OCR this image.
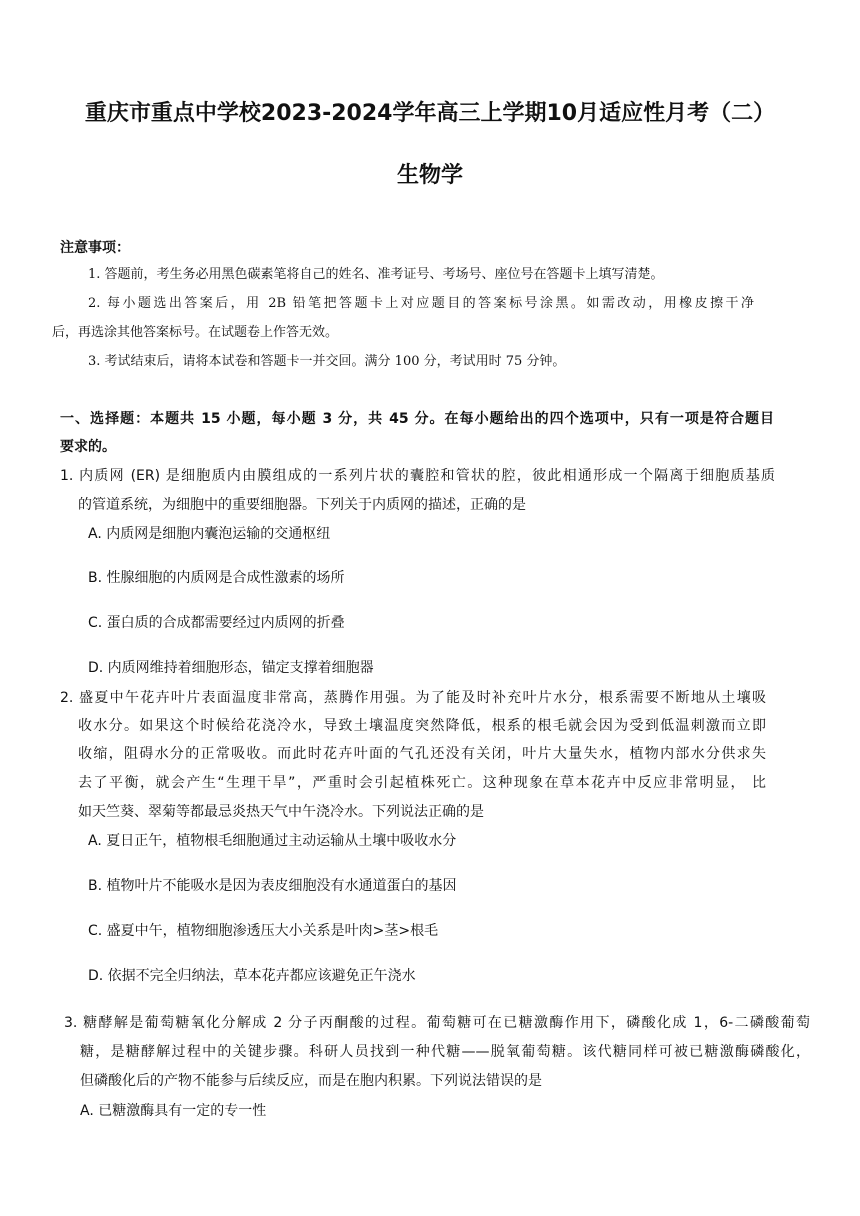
重庆市重点中学校2023-2024学年高三上学期10月适应性月考（二）
生物学
注意事项：
1. 答题前，考生务必用黑色碳素笔将自己的姓名、准考证号、考场号、座位号在答题卡上填写清楚。
2. 每小题选出答案后，用 2B 铅笔把答题卡上对应题目的答案标号涂黑。如需改动，用橡皮擦干净
后，再选涂其他答案标号。在试题卷上作答无效。
3. 考试结束后，请将本试卷和答题卡一并交回。满分 100 分，考试用时 75 分钟。
一、选择题：本题共 15 小题，每小题 3 分，共 45 分。在每小题给出的四个选项中，只有一项是符合题目
要求的。
1. 内质网 (ER) 是细胞质内由膜组成的一系列片状的囊腔和管状的腔，彼此相通形成一个隔离于细胞质基质
的管道系统，为细胞中的重要细胞器。下列关于内质网的描述，正确的是
A. 内质网是细胞内囊泡运输的交通枢纽
B. 性腺细胞的内质网是合成性激素的场所
C. 蛋白质的合成都需要经过内质网的折叠
D. 内质网维持着细胞形态，锚定支撑着细胞器
2. 盛夏中午花卉叶片表面温度非常高，蒸腾作用强。为了能及时补充叶片水分，根系需要不断地从土壤吸
收水分。如果这个时候给花浇冷水，导致土壤温度突然降低，根系的根毛就会因为受到低温刺激而立即
收缩，阻碍水分的正常吸收。而此时花卉叶面的气孔还没有关闭，叶片大量失水，植物内部水分供求失
去了平衡，就会产生“生理干旱”，严重时会引起植株死亡。这种现象在草本花卉中反应非常明显， 比
如天竺葵、翠菊等都最忌炎热天气中午浇冷水。下列说法正确的是
A. 夏日正午，植物根毛细胞通过主动运输从土壤中吸收水分
B. 植物叶片不能吸水是因为表皮细胞没有水通道蛋白的基因
C. 盛夏中午，植物细胞渗透压大小关系是叶肉>茎>根毛
D. 依据不完全归纳法，草本花卉都应该避免正午浇水
3. 糖酵解是葡萄糖氧化分解成 2 分子丙酮酸的过程。葡萄糖可在已糖激酶作用下，磷酸化成 1，6-二磷酸葡萄
糖，是糖酵解过程中的关键步骤。科研人员找到一种代糖——脱氧葡萄糖。该代糖同样可被已糖激酶磷酸化，
但磷酸化后的产物不能参与后续反应，而是在胞内积累。下列说法错误的是
A. 已糖激酶具有一定的专一性
